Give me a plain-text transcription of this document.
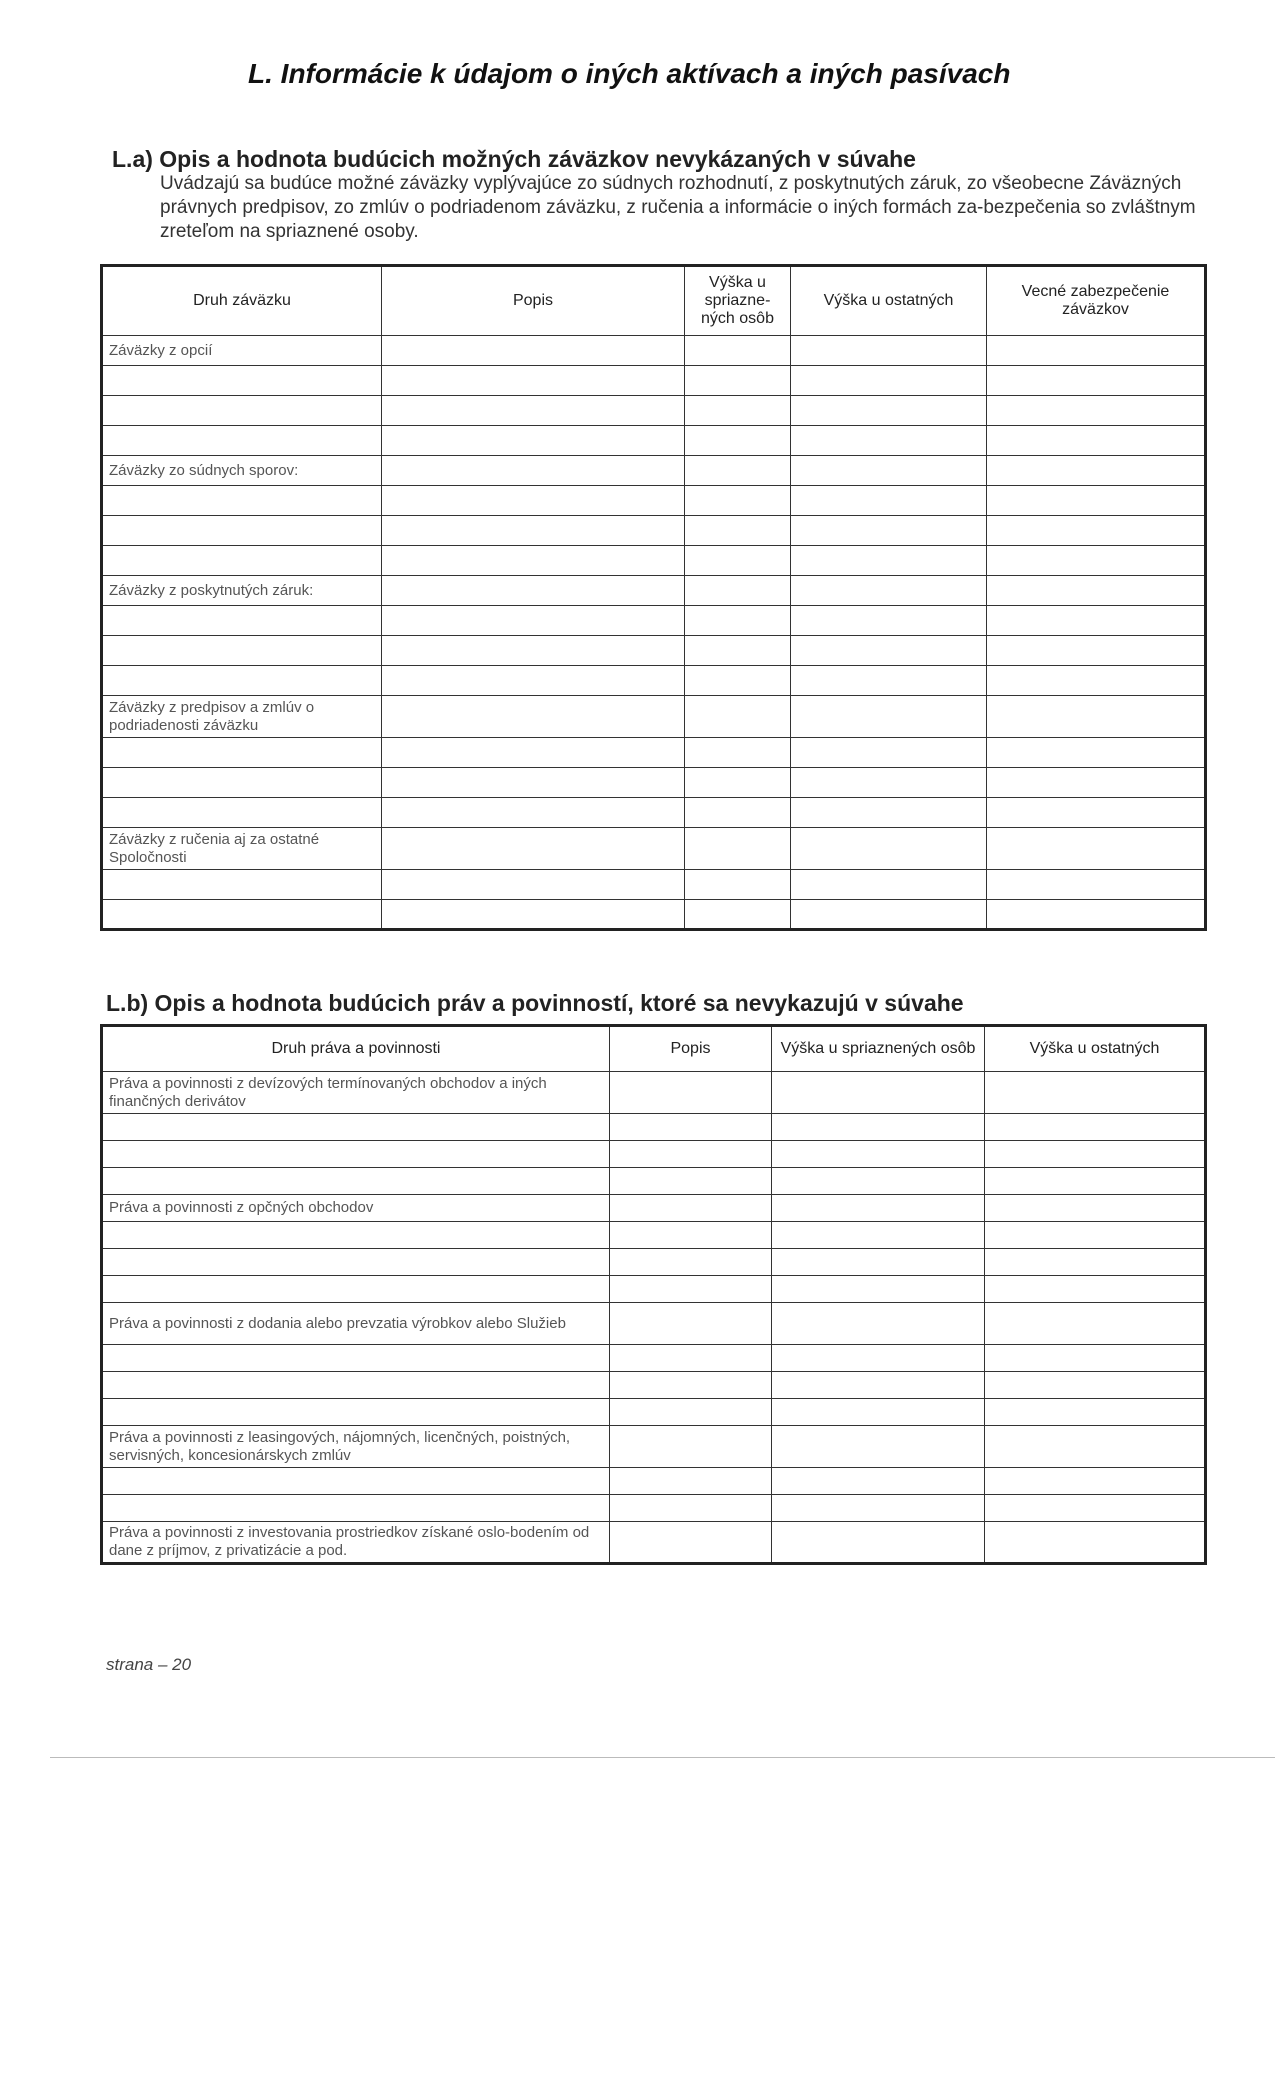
L. Informácie k údajom o iných aktívach a iných pasívach
L.a) Opis a hodnota budúcich možných záväzkov nevykázaných v súvahe
Uvádzajú sa budúce možné záväzky vyplývajúce zo súdnych rozhodnutí, z poskytnutých záruk, zo všeobecne Záväzných právnych predpisov, zo zmlúv o podriadenom záväzku, z ručenia a informácie o iných formách za-bezpečenia so zvláštnym zreteľom na spriaznené osoby.
Druh záväzku	Popis	Výška u spriazne-ných osôb	Výška u ostatných	Vecné zabezpečenie záväzkov
Záväzky z opcií				

Záväzky zo súdnych sporov:				

Záväzky z poskytnutých záruk:				

Záväzky z predpisov a zmlúv o podriadenosti záväzku				

Záväzky z ručenia aj za ostatné Spoločnosti				

L.b) Opis a hodnota budúcich práv a povinností, ktoré sa nevykazujú v súvahe
Druh práva a povinnosti	Popis	Výška u spriaznených osôb	Výška u ostatných
Práva a povinnosti z devízových termínovaných obchodov a iných finančných derivátov			

Práva a povinnosti z opčných obchodov			

Práva a povinnosti z dodania alebo prevzatia výrobkov alebo Služieb			

Práva a povinnosti z leasingových, nájomných, licenčných, poistných, servisných, koncesionárskych zmlúv			

Práva a povinnosti z investovania prostriedkov získané oslo-bodením od dane z príjmov, z privatizácie a pod.			
strana – 20
